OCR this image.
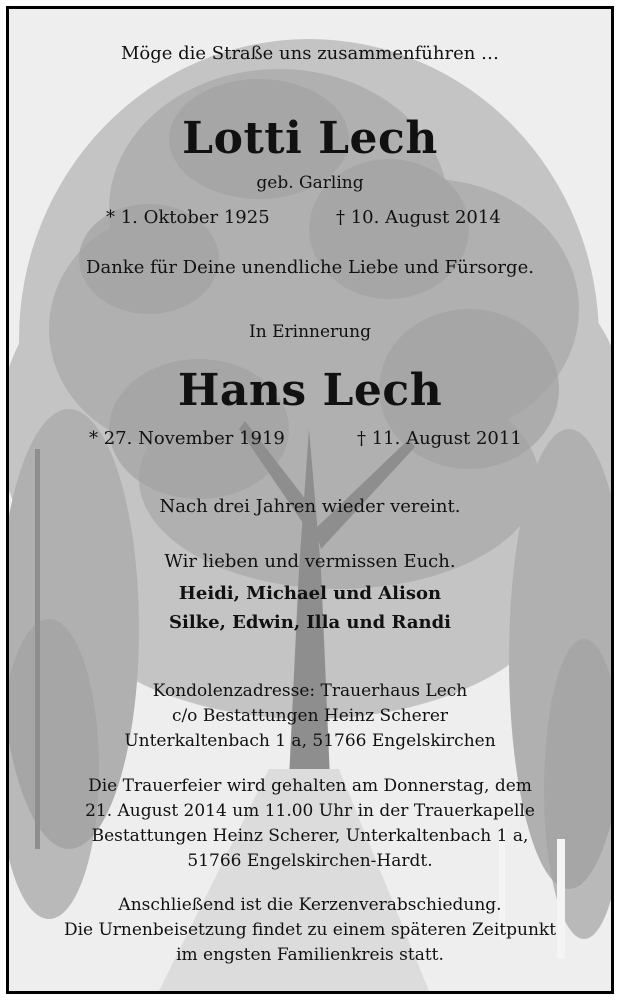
Möge die Straße uns zusammenführen …
Lotti Lech
geb. Garling
* 1. Oktober 1925	† 10. August 2014
Danke für Deine unendliche Liebe und Fürsorge.
In Erinnerung
Hans Lech
* 27. November 1919	† 11. August 2011
Nach drei Jahren wieder vereint.
Wir lieben und vermissen Euch.
Heidi, Michael und Alison
Silke, Edwin, Illa und Randi
Kondolenzadresse: Trauerhaus Lech
c/o Bestattungen Heinz Scherer
Unterkaltenbach 1 a, 51766 Engelskirchen
Die Trauerfeier wird gehalten am Donnerstag, dem
21. August 2014 um 11.00 Uhr in der Trauerkapelle
Bestattungen Heinz Scherer, Unterkaltenbach 1 a,
51766 Engelskirchen-Hardt.
Anschließend ist die Kerzenverabschiedung.
Die Urnenbeisetzung findet zu einem späteren Zeitpunkt
im engsten Familienkreis statt.
